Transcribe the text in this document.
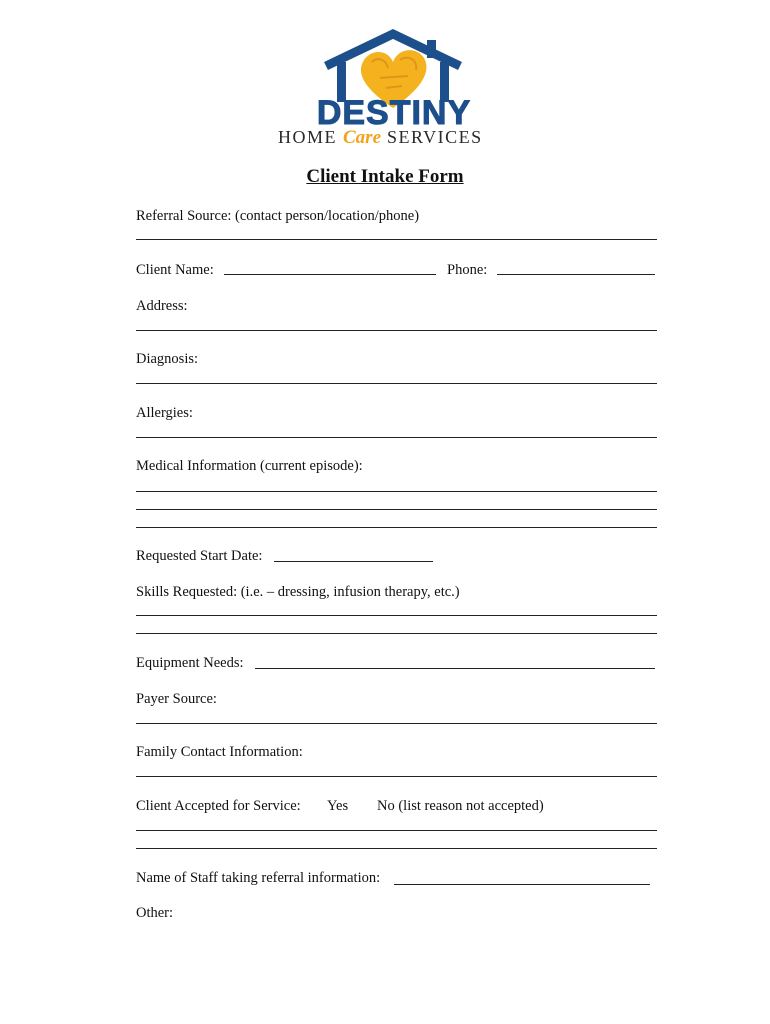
DESTINY
HOME Care SERVICES
Client Intake Form
Referral Source: (contact person/location/phone)
Client Name:	Phone:
Address:
Diagnosis:
Allergies:
Medical Information (current episode):
Requested Start Date:
Skills Requested: (i.e. – dressing, infusion therapy, etc.)
Equipment Needs:
Payer Source:
Family Contact Information:
Client Accepted for Service: Yes No (list reason not accepted)
Name of Staff taking referral information:
Other:
